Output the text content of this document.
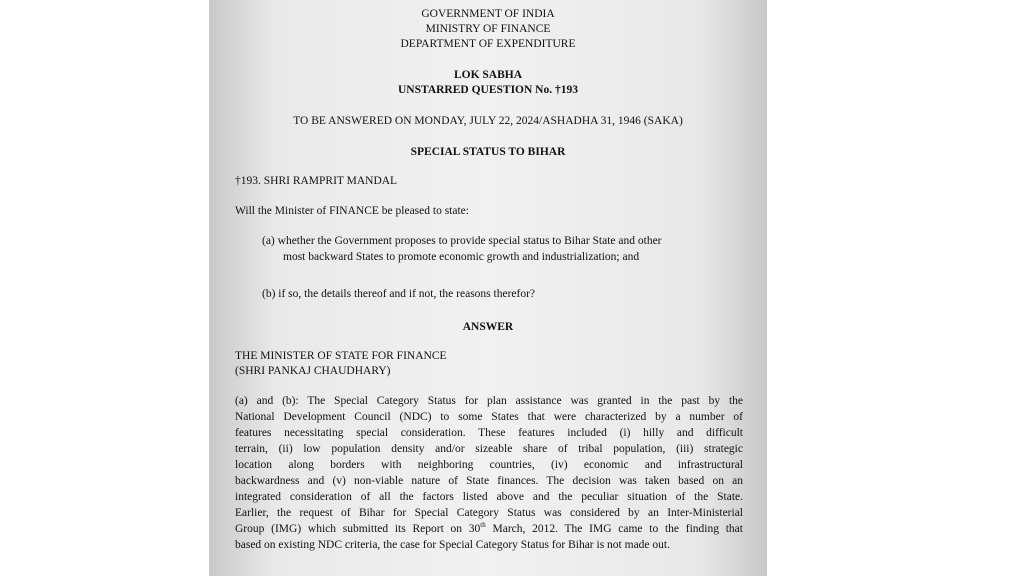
GOVERNMENT OF INDIA
MINISTRY OF FINANCE
DEPARTMENT OF EXPENDITURE
LOK SABHA
UNSTARRED QUESTION No. †193
TO BE ANSWERED ON MONDAY, JULY 22, 2024/ASHADHA 31, 1946 (SAKA)
SPECIAL STATUS TO BIHAR
†193. SHRI RAMPRIT MANDAL
Will the Minister of FINANCE be pleased to state:
(a) whether the Government proposes to provide special status to Bihar State and other
most backward States to promote economic growth and industrialization; and
(b) if so, the details thereof and if not, the reasons therefor?
ANSWER
THE MINISTER OF STATE FOR FINANCE
(SHRI PANKAJ CHAUDHARY)
(a) and (b): The Special Category Status for plan assistance was granted in the past by the
National Development Council (NDC) to some States that were characterized by a number of
features necessitating special consideration. These features included (i) hilly and difficult
terrain, (ii) low population density and/or sizeable share of tribal population, (iii) strategic
location along borders with neighboring countries, (iv) economic and infrastructural
backwardness and (v) non-viable nature of State finances. The decision was taken based on an
integrated consideration of all the factors listed above and the peculiar situation of the State.
Earlier, the request of Bihar for Special Category Status was considered by an Inter-Ministerial
Group (IMG) which submitted its Report on 30th March, 2012. The IMG came to the finding that
based on existing NDC criteria, the case for Special Category Status for Bihar is not made out.
